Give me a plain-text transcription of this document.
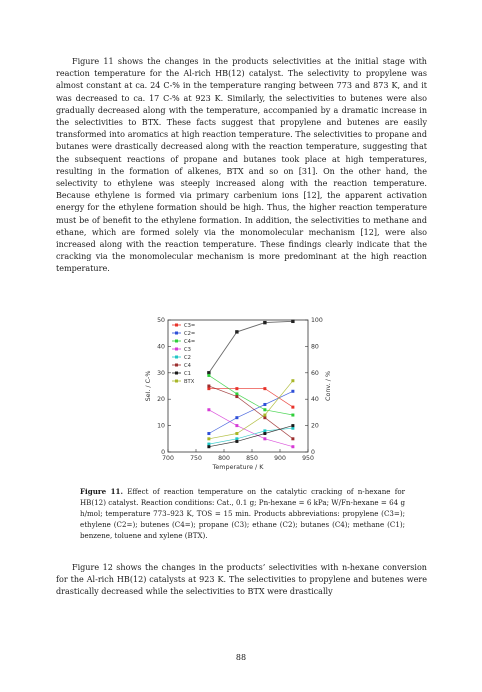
Figure 11 shows the changes in the products selectivities at the initial stage with reaction temperature for the Al-rich HB(12) catalyst. The selectivity to propylene was almost constant at ca. 24 C-% in the temperature ranging between 773 and 873 K, and it was decreased to ca. 17 C-% at 923 K. Similarly, the selectivities to butenes were also gradually decreased along with the temperature, accompanied by a dramatic increase in the selectivities to BTX. These facts suggest that propylene and butenes are easily transformed into aromatics at high reaction temperature. The selectivities to propane and butanes were drastically decreased along with the reaction temperature, suggesting that the subsequent reactions of propane and butanes took place at high temperatures, resulting in the formation of alkenes, BTX and so on [31]. On the other hand, the selectivity to ethylene was steeply increased along with the reaction temperature. Because ethylene is formed via primary carbenium ions [12], the apparent activation energy for the ethylene formation should be high. Thus, the higher reaction temperature must be of benefit to the ethylene formation. In addition, the selectivities to methane and ethane, which are formed solely via the monomolecular mechanism [12], were also increased along with the reaction temperature. These findings clearly indicate that the cracking via the monomolecular mechanism is more predominant at the high reaction temperature.

700	750	800	850	900	950
0
10
20
30
40
50
0
20
40
60
80
100
Temperature / K
Sel. / C-%	Conv. / %
C3=
C2=
C4=
C3
C2
C4
C1
BTX

Figure 11. Effect of reaction temperature on the catalytic cracking of n-hexane for HB(12) catalyst. Reaction conditions: Cat., 0.1 g; Pn-hexane = 6 kPa; W/Fn-hexane = 64 g h/mol; temperature 773–923 K, TOS = 15 min. Products abbreviations: propylene (C3=); ethylene (C2=); butenes (C4=); propane (C3); ethane (C2); butanes (C4); methane (C1); benzene, toluene and xylene (BTX).

Figure 12 shows the changes in the products’ selectivities with n-hexane conversion for the Al-rich HB(12) catalysts at 923 K. The selectivities to propylene and butenes were drastically decreased while the selectivities to BTX were drastically

88
